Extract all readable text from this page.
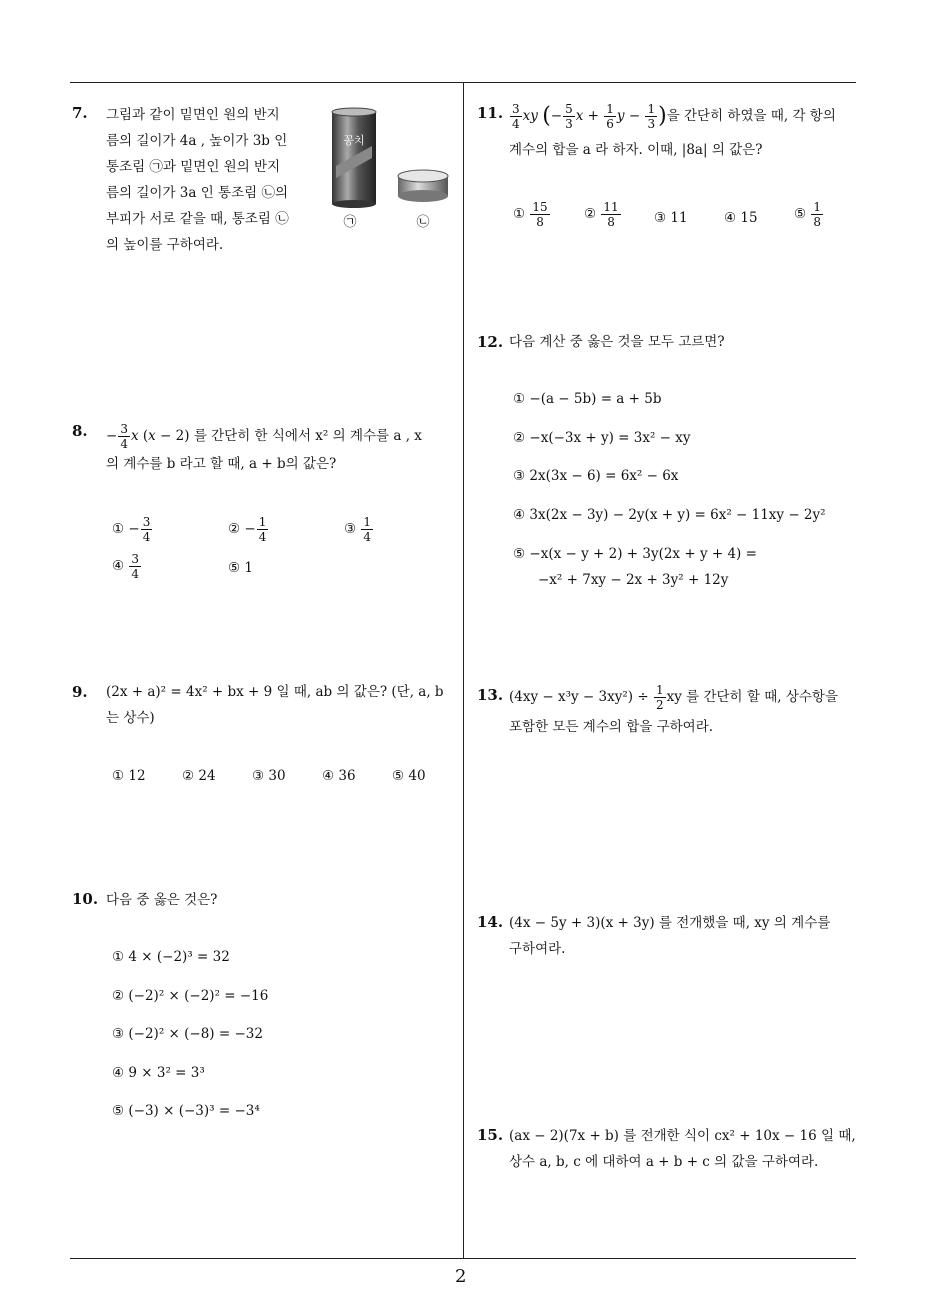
7. 그림과 같이 밑면인 원의 반지
름의 길이가 4a , 높이가 3b 인
통조림 ㉠과 밑면인 원의 반지
름의 길이가 3a 인 통조림 ㉡의
부피가 서로 같을 때, 통조림 ㉡
의 높이를 구하여라.
꽁치
㉠	㉡
8. − $\frac{3}{4}$ x (x − 2) 를 간단히 한 식에서 x² 의 계수를 a , x
의 계수를 b 라고 할 때, a + b의 값은?
① − $\frac{3}{4}$	② − $\frac{1}{4}$	③ $\frac{1}{4}$
④ $\frac{3}{4}$	⑤ 1
9. (2x + a)² = 4x² + bx + 9 일 때, ab 의 값은? (단, a, b
는 상수)
① 12	② 24	③ 30	④ 36	⑤ 40
10. 다음 중 옳은 것은?
① 4 × (−2)³ = 32
② (−2)² × (−2)² = −16
③ (−2)² × (−8) = −32
④ 9 × 3² = 3³
⑤ (−3) × (−3)³ = −3⁴
11. $\frac{3}{4}$ xy (− $\frac{5}{3}$ $x + \frac{1}{6}$ $y - \frac{1}{3}$ )을 간단히 하였을 때, 각 항의
계수의 합을 a 라 하자. 이때, |8a| 의 값은?
① $\frac{15}{8}$	② $\frac{11}{8}$ ③ 11	④ 15	⑤ $\frac{1}{8}$
12. 다음 계산 중 옳은 것을 모두 고르면?
① −(a − 5b) = a + 5b
② −x(−3x + y) = 3x² − xy
③ 2x(3x − 6) = 6x² − 6x
④ 3x(2x − 3y) − 2y(x + y) = 6x² − 11xy − 2y²
⑤ −x(x − y + 2) + 3y(2x + y + 4) =
−x² + 7xy − 2x + 3y² + 12y
13. $(4xy - x^3y - 3xy^2) \div \frac{1}{2}$ xy 를 간단히 할 때, 상수항을
포함한 모든 계수의 합을 구하여라.
14. (4x − 5y + 3)(x + 3y) 를 전개했을 때, xy 의 계수를
구하여라.
15. (ax − 2)(7x + b) 를 전개한 식이 cx² + 10x − 16 일 때,
상수 a, b, c 에 대하여 a + b + c 의 값을 구하여라.
2
